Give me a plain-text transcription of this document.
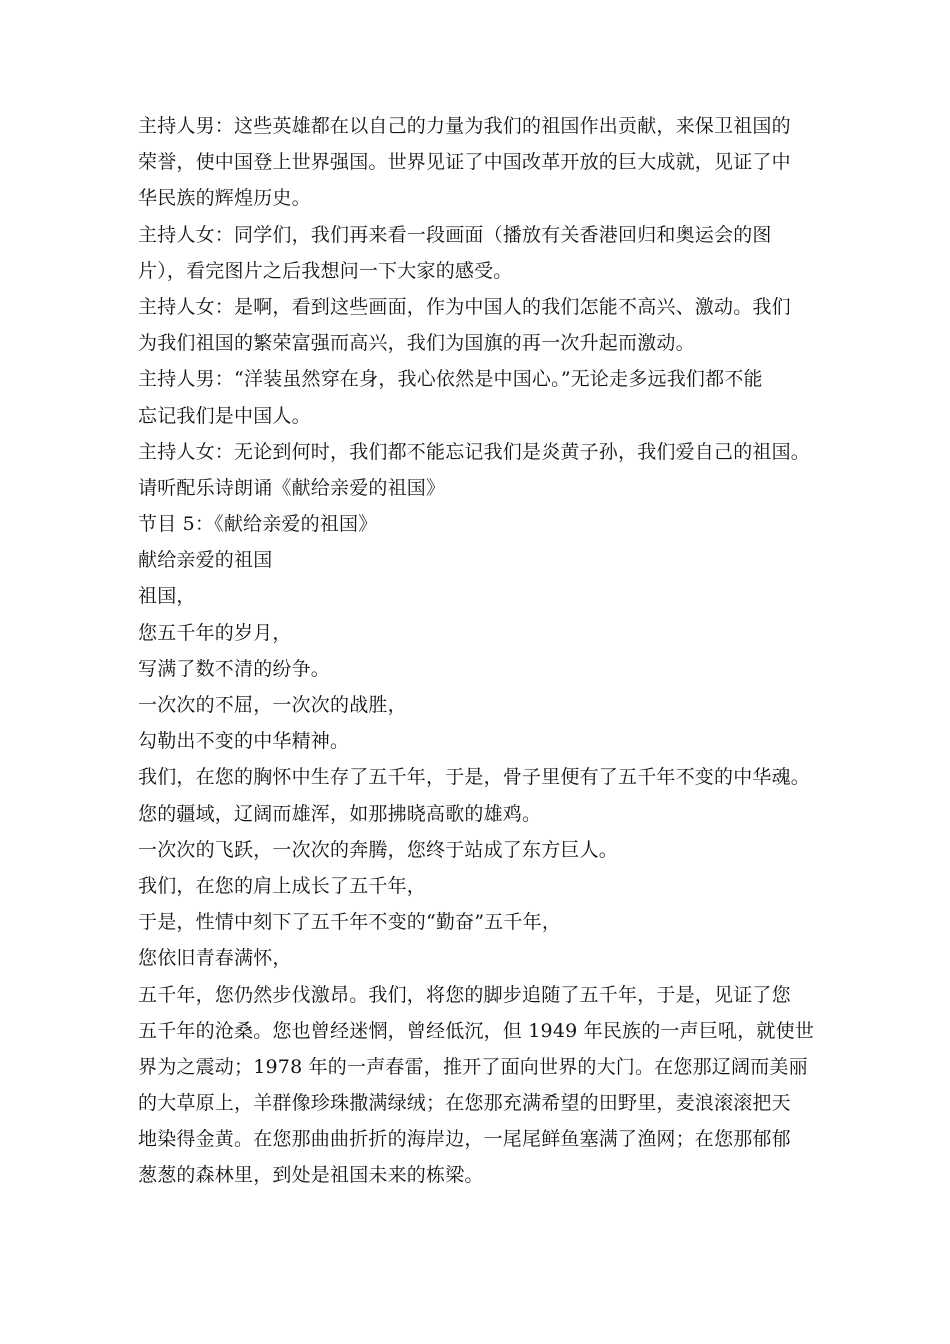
主持人男：这些英雄都在以自己的力量为我们的祖国作出贡献，来保卫祖国的
荣誉，使中国登上世界强国。世界见证了中国改革开放的巨大成就，见证了中
华民族的辉煌历史。
主持人女：同学们，我们再来看一段画面（播放有关香港回归和奥运会的图
片），看完图片之后我想问一下大家的感受。
主持人女：是啊，看到这些画面，作为中国人的我们怎能不高兴、激动。我们
为我们祖国的繁荣富强而高兴，我们为国旗的再一次升起而激动。
主持人男：“洋装虽然穿在身，我心依然是中国心。”无论走多远我们都不能
忘记我们是中国人。
主持人女：无论到何时，我们都不能忘记我们是炎黄子孙，我们爱自己的祖国。
请听配乐诗朗诵《献给亲爱的祖国》
节目 5：《献给亲爱的祖国》
献给亲爱的祖国
祖国，
您五千年的岁月，
写满了数不清的纷争。
一次次的不屈，一次次的战胜，
勾勒出不变的中华精神。
我们，在您的胸怀中生存了五千年，于是，骨子里便有了五千年不变的中华魂。
您的疆域，辽阔而雄浑，如那拂晓高歌的雄鸡。
一次次的飞跃，一次次的奔腾，您终于站成了东方巨人。
我们，在您的肩上成长了五千年，
于是，性情中刻下了五千年不变的“勤奋”五千年，
您依旧青春满怀，
五千年，您仍然步伐激昂。我们，将您的脚步追随了五千年，于是，见证了您
五千年的沧桑。您也曾经迷惘，曾经低沉，但 1949 年民族的一声巨吼，就使世
界为之震动；1978 年的一声春雷，推开了面向世界的大门。在您那辽阔而美丽
的大草原上，羊群像珍珠撒满绿绒；在您那充满希望的田野里，麦浪滚滚把天
地染得金黄。在您那曲曲折折的海岸边，一尾尾鲜鱼塞满了渔网；在您那郁郁
葱葱的森林里，到处是祖国未来的栋梁。
